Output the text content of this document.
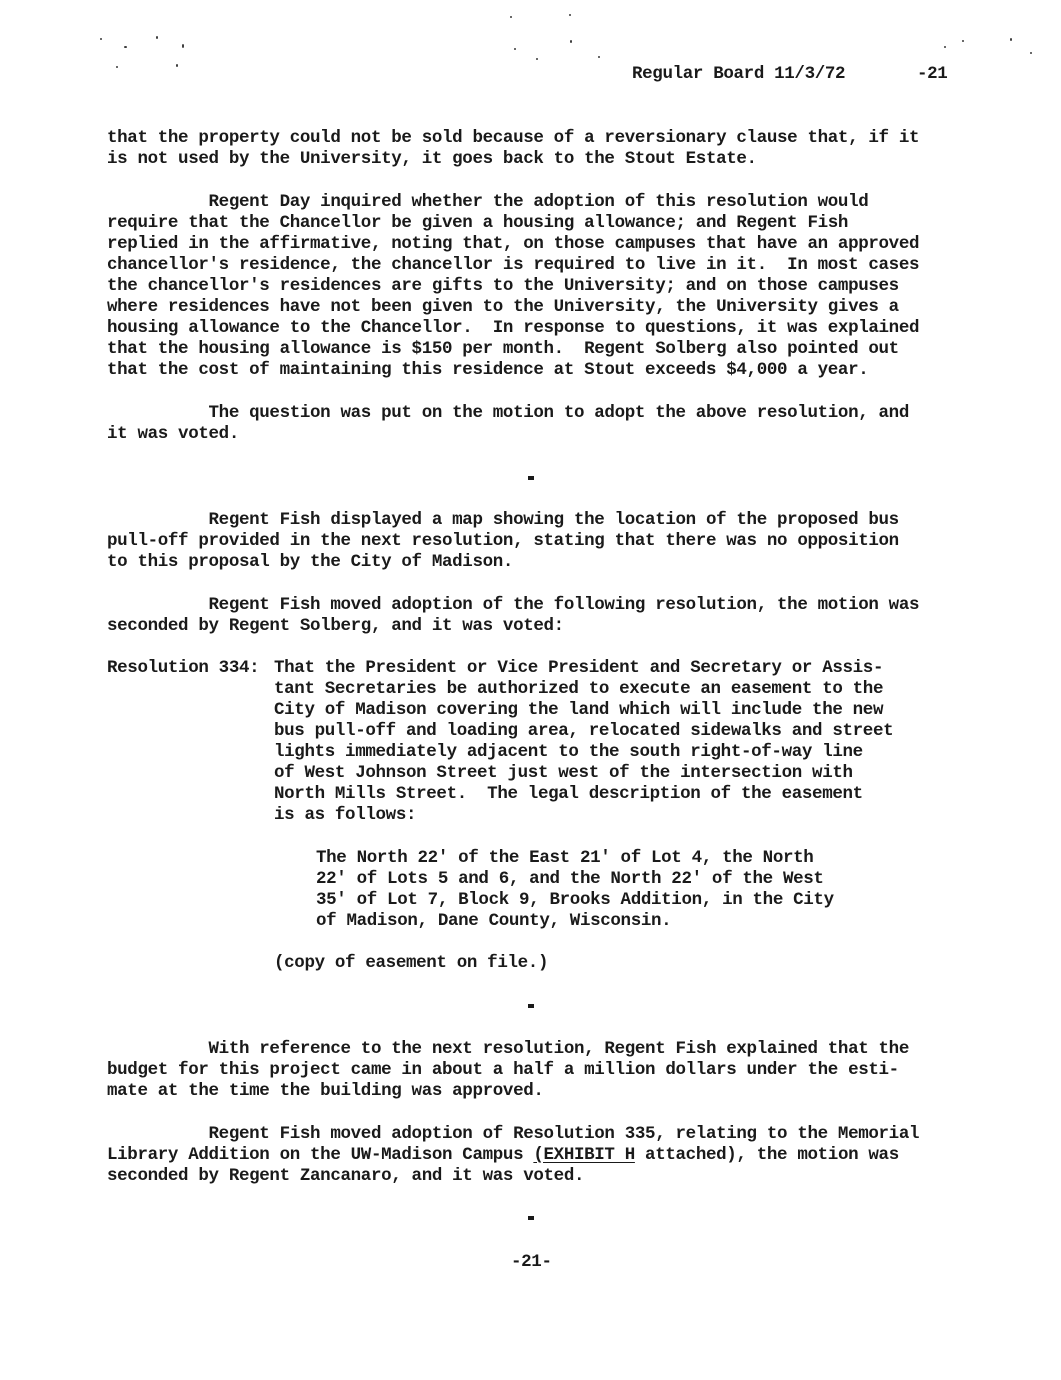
Regular Board 11/3/72	-21
that the property could not be sold because of a reversionary clause that, if it
is not used by the University, it goes back to the Stout Estate.
Regent Day inquired whether the adoption of this resolution would
require that the Chancellor be given a housing allowance; and Regent Fish
replied in the affirmative, noting that, on those campuses that have an approved
chancellor's residence, the chancellor is required to live in it.  In most cases
the chancellor's residences are gifts to the University; and on those campuses
where residences have not been given to the University, the University gives a
housing allowance to the Chancellor.  In response to questions, it was explained
that the housing allowance is $150 per month.  Regent Solberg also pointed out
that the cost of maintaining this residence at Stout exceeds $4,000 a year.
The question was put on the motion to adopt the above resolution, and
it was voted.
Regent Fish displayed a map showing the location of the proposed bus
pull-off provided in the next resolution, stating that there was no opposition
to this proposal by the City of Madison.
Regent Fish moved adoption of the following resolution, the motion was
seconded by Regent Solberg, and it was voted:
Resolution 334: That the President or Vice President and Secretary or Assis-
tant Secretaries be authorized to execute an easement to the
City of Madison covering the land which will include the new
bus pull-off and loading area, relocated sidewalks and street
lights immediately adjacent to the south right-of-way line
of West Johnson Street just west of the intersection with
North Mills Street.  The legal description of the easement
is as follows:
The North 22' of the East 21' of Lot 4, the North
22' of Lots 5 and 6, and the North 22' of the West
35' of Lot 7, Block 9, Brooks Addition, in the City
of Madison, Dane County, Wisconsin.
(copy of easement on file.)
With reference to the next resolution, Regent Fish explained that the
budget for this project came in about a half a million dollars under the esti-
mate at the time the building was approved.
Regent Fish moved adoption of Resolution 335, relating to the Memorial
Library Addition on the UW-Madison Campus (EXHIBIT H attached), the motion was
seconded by Regent Zancanaro, and it was voted.
-21-
